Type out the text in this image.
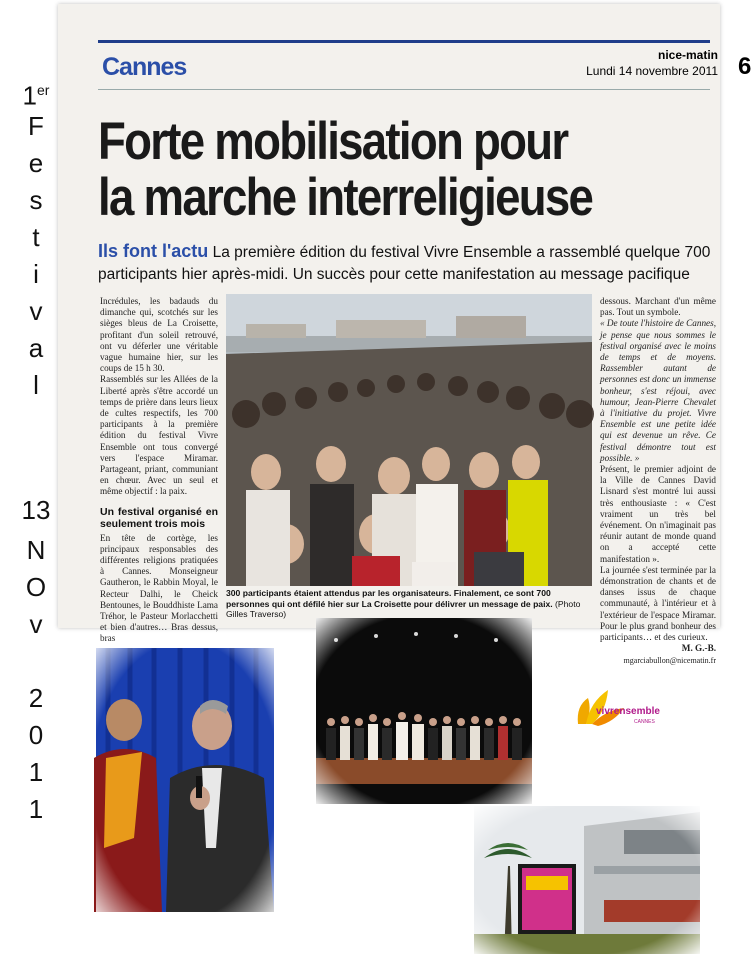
1er
F
e
s
t
i
v
a
l
13
N
O
v
2
0
1
1
Cannes	nice-matin
Lundi 14 novembre 2011 6
Forte mobilisation pour
la marche interreligieuse
Ils font l'actu La première édition du festival Vivre Ensemble a rassemblé quelque 700 participants hier après-midi. Un succès pour cette manifestation au message pacifique
Incrédules, les badauds du dimanche qui, scotchés sur les sièges bleus de La Croisette, profitant d'un soleil retrouvé, ont vu déferler une véritable vague humaine hier, sur les coups de 15 h 30.
Rassemblés sur les Allées de la Liberté après s'être accordé un temps de prière dans leurs lieux de cultes respectifs, les 700 participants à la première édition du festival Vivre Ensemble ont tous convergé vers l'espace Miramar. Partageant, priant, communiant en chœur. Avec un seul et même objectif : la paix.
Un festival organisé en seulement trois mois
En tête de cortège, les principaux responsables des différentes religions pratiquées à Cannes. Monseigneur Gautheron, le Rabbin Moyal, le Recteur Dalhi, le Cheick Bentounes, le Bouddhiste Lama Tréhor, le Pasteur Morlacchetti et bien d'autres… Bras dessus, bras
300 participants étaient attendus par les organisateurs. Finalement, ce sont 700 personnes qui ont défilé hier sur La Croisette pour délivrer un message de paix. (Photo Gilles Traverso)
dessous. Marchant d'un même pas. Tout un symbole.
« De toute l'histoire de Cannes, je pense que nous sommes le festival organisé avec le moins de temps et de moyens. Rassembler autant de personnes est donc un immense bonheur, s'est réjoui, avec humour, Jean-Pierre Chevalet à l'initiative du projet. Vivre Ensemble est une petite idée qui est devenue un rêve. Ce festival démontre tout est possible. »
Présent, le premier adjoint de la Ville de Cannes David Lisnard s'est montré lui aussi très enthousiaste : « C'est vraiment un très bel événement. On n'imaginait pas réunir autant de monde quand on a accepté cette manifestation ».
La journée s'est terminée par la démonstration de chants et de danses issus de chaque communauté, à l'intérieur et à l'extérieur de l'espace Miramar. Pour le plus grand bonheur des participants… et des curieux.
M. G.-B.
mgarciabullon@nicematin.fr
vivrensemble
CANNES
